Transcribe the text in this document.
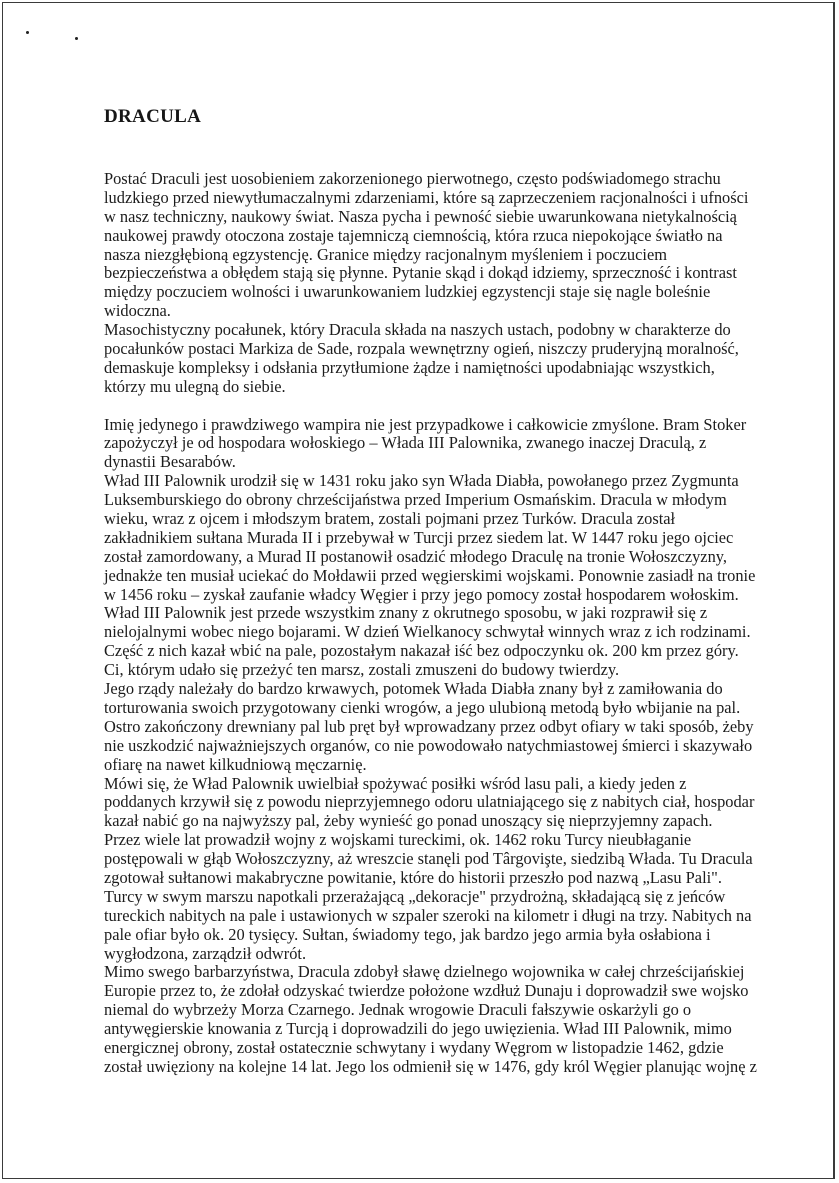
DRACULA
Postać Draculi jest uosobieniem zakorzenionego pierwotnego, często podświadomego strachu
ludzkiego przed niewytłumaczalnymi zdarzeniami, które są zaprzeczeniem racjonalności i ufności
w nasz techniczny, naukowy świat. Nasza pycha i pewność siebie uwarunkowana nietykalnością
naukowej prawdy otoczona zostaje tajemniczą ciemnością, która rzuca niepokojące światło na
nasza niezgłębioną egzystencję. Granice między racjonalnym myśleniem i poczuciem
bezpieczeństwa a obłędem stają się płynne. Pytanie skąd i dokąd idziemy, sprzeczność i kontrast
między poczuciem wolności i uwarunkowaniem ludzkiej egzystencji staje się nagle boleśnie
widoczna.
Masochistyczny pocałunek, który Dracula składa na naszych ustach, podobny w charakterze do
pocałunków postaci Markiza de Sade, rozpala wewnętrzny ogień, niszczy pruderyjną moralność,
demaskuje kompleksy i odsłania przytłumione żądze i namiętności upodabniając wszystkich,
którzy mu ulegną do siebie.
Imię jedynego i prawdziwego wampira nie jest przypadkowe i całkowicie zmyślone. Bram Stoker
zapożyczył je od hospodara wołoskiego – Włada III Palownika, zwanego inaczej Draculą, z
dynastii Besarabów.
Wład III Palownik urodził się w 1431 roku jako syn Włada Diabła, powołanego przez Zygmunta
Luksemburskiego do obrony chrześcijaństwa przed Imperium Osmańskim. Dracula w młodym
wieku, wraz z ojcem i młodszym bratem, zostali pojmani przez Turków. Dracula został
zakładnikiem sułtana Murada II i przebywał w Turcji przez siedem lat. W 1447 roku jego ojciec
został zamordowany, a Murad II postanowił osadzić młodego Draculę na tronie Wołoszczyzny,
jednakże ten musiał uciekać do Mołdawii przed węgierskimi wojskami. Ponownie zasiadł na tronie
w 1456 roku – zyskał zaufanie władcy Węgier i przy jego pomocy został hospodarem wołoskim.
Wład III Palownik jest przede wszystkim znany z okrutnego sposobu, w jaki rozprawił się z
nielojalnymi wobec niego bojarami. W dzień Wielkanocy schwytał winnych wraz z ich rodzinami.
Część z nich kazał wbić na pale, pozostałym nakazał iść bez odpoczynku ok. 200 km przez góry.
Ci, którym udało się przeżyć ten marsz, zostali zmuszeni do budowy twierdzy.
Jego rządy należały do bardzo krwawych, potomek Włada Diabła znany był z zamiłowania do
torturowania swoich przygotowany cienki wrogów, a jego ulubioną metodą było wbijanie na pal.
Ostro zakończony drewniany pal lub pręt był wprowadzany przez odbyt ofiary w taki sposób, żeby
nie uszkodzić najważniejszych organów, co nie powodowało natychmiastowej śmierci i skazywało
ofiarę na nawet kilkudniową męczarnię.
Mówi się, że Wład Palownik uwielbiał spożywać posiłki wśród lasu pali, a kiedy jeden z
poddanych krzywił się z powodu nieprzyjemnego odoru ulatniającego się z nabitych ciał, hospodar
kazał nabić go na najwyższy pal, żeby wynieść go ponad unoszący się nieprzyjemny zapach.
Przez wiele lat prowadził wojny z wojskami tureckimi, ok. 1462 roku Turcy nieubłaganie
postępowali w głąb Wołoszczyzny, aż wreszcie stanęli pod Târgovişte, siedzibą Włada. Tu Dracula
zgotował sułtanowi makabryczne powitanie, które do historii przeszło pod nazwą „Lasu Pali".
Turcy w swym marszu napotkali przerażającą „dekoracje" przydrożną, składającą się z jeńców
tureckich nabitych na pale i ustawionych w szpaler szeroki na kilometr i długi na trzy. Nabitych na
pale ofiar było ok. 20 tysięcy. Sułtan, świadomy tego, jak bardzo jego armia była osłabiona i
wygłodzona, zarządził odwrót.
Mimo swego barbarzyństwa, Dracula zdobył sławę dzielnego wojownika w całej chrześcijańskiej
Europie przez to, że zdołał odzyskać twierdze położone wzdłuż Dunaju i doprowadził swe wojsko
niemal do wybrzeży Morza Czarnego. Jednak wrogowie Draculi fałszywie oskarżyli go o
antywęgierskie knowania z Turcją i doprowadzili do jego uwięzienia. Wład III Palownik, mimo
energicznej obrony, został ostatecznie schwytany i wydany Węgrom w listopadzie 1462, gdzie
został uwięziony na kolejne 14 lat. Jego los odmienił się w 1476, gdy król Węgier planując wojnę z
